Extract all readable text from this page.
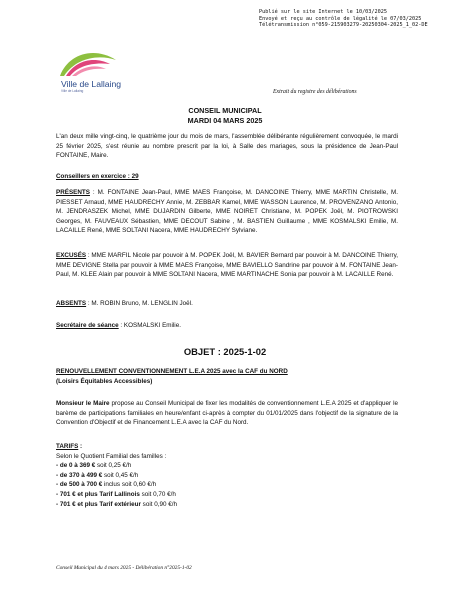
Publié sur le site Internet le 10/03/2025
Envoyé et reçu au contrôle de légalité le 07/03/2025
Télétransmission n°059-215903279-20250304-2025_1_02-DE
Ville de Lallaing
Ville de Lallaing	Extrait du registre des délibérations
CONSEIL MUNICIPAL
MARDI 04 MARS 2025
L'an deux mille vingt-cinq, le quatrième jour du mois de mars, l'assemblée délibérante régulièrement convoquée, le mardi 25 février 2025, s'est réunie au nombre prescrit par la loi, à Salle des mariages, sous la présidence de Jean-Paul FONTAINE, Maire.
Conseillers en exercice : 29
PRÉSENTS : M. FONTAINE Jean-Paul, MME MAES Françoise, M. DANCOINE Thierry, MME MARTIN Christelle, M. PIESSET Arnaud, MME HAUDRECHY Annie, M. ZEBBAR Kamel, MME WASSON Laurence, M. PROVENZANO Antonio, M. JENDRASZEK Michel, MME DUJARDIN Gilberte, MME NOIRET Christiane, M. POPEK Joël, M. PIOTROWSKI Georges, M. FAUVEAUX Sébastien, MME DECOUT Sabine , M. BASTIEN Guillaume , MME KOSMALSKI Emilie, M. LACAILLE René, MME SOLTANI Nacera, MME HAUDRECHY Sylviane.
EXCUSÉS : MME MARFIL Nicole par pouvoir à M. POPEK Joël, M. BAVIER Bernard par pouvoir à M. DANCOINE Thierry, MME DEVIGNE Stella par pouvoir à MME MAES Françoise, MME BAVIELLO Sandrine par pouvoir à M. FONTAINE Jean-Paul, M. KLEE Alain par pouvoir à MME SOLTANI Nacera, MME MARTINACHE Sonia par pouvoir à M. LACAILLE René.
ABSENTS : M. ROBIN Bruno, M. LENGLIN Joël.
Secrétaire de séance : KOSMALSKI Emilie.
OBJET : 2025-1-02
RENOUVELLEMENT CONVENTIONNEMENT L.E.A 2025 avec la CAF du NORD
(Loisirs Équitables Accessibles)
Monsieur le Maire propose au Conseil Municipal de fixer les modalités de conventionnement L.E.A 2025 et d'appliquer le barème de participations familiales en heure/enfant ci-après à compter du 01/01/2025 dans l'objectif de la signature de la Convention d'Objectif et de Financement L.E.A avec la CAF du Nord.
TARIFS :
Selon le Quotient Familial des familles :
- de 0 à 369 € soit 0,25 €/h
- de 370 à 499 € soit 0,45 €/h
- de 500 à 700 € inclus soit 0,60 €/h
- 701 € et plus Tarif Lallinois soit 0,70 €/h
- 701 € et plus Tarif extérieur soit 0,90 €/h
Conseil Municipal du 4 mars 2025 - Délibération n°2025-1-02
